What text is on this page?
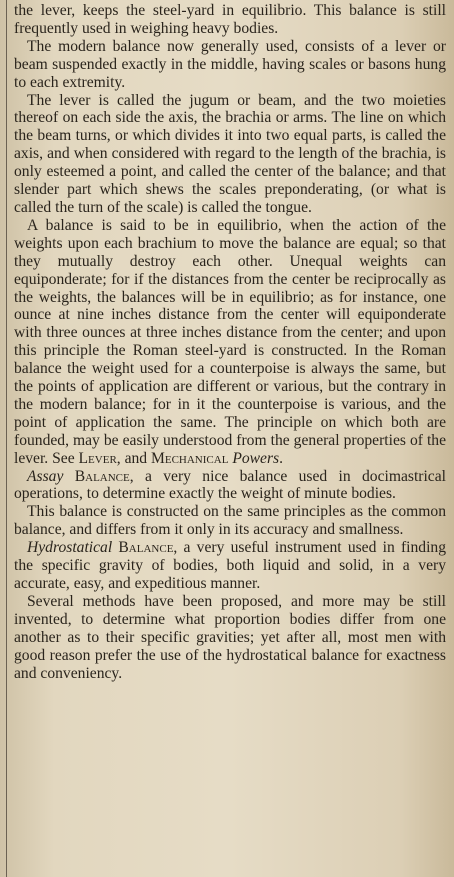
the lever, keeps the steel-yard in equilibrio. This balance is still frequently used in weighing heavy bodies.

The modern balance now generally used, consists of a lever or beam suspended exactly in the middle, having scales or basons hung to each extremity.

The lever is called the jugum or beam, and the two moieties thereof on each side the axis, the brachia or arms. The line on which the beam turns, or which divides it into two equal parts, is called the axis, and when considered with regard to the length of the brachia, is only esteemed a point, and called the center of the balance; and that slender part which shews the scales preponderating, (or what is called the turn of the scale) is called the tongue.

A balance is said to be in equilibrio, when the action of the weights upon each brachium to move the balance are equal; so that they mutually destroy each other. Unequal weights can equiponderate; for if the distances from the center be reciprocally as the weights, the balances will be in equilibrio; as for instance, one ounce at nine inches distance from the center will equiponderate with three ounces at three inches distance from the center; and upon this principle the Roman steel-yard is constructed. In the Roman balance the weight used for a counterpoise is always the same, but the points of application are different or various, but the contrary in the modern balance; for in it the counterpoise is various, and the point of application the same. The principle on which both are founded, may be easily understood from the general properties of the lever. See Lever, and Mechanical Powers.

Assay Balance, a very nice balance used in docimastrical operations, to determine exactly the weight of minute bodies.

This balance is constructed on the same principles as the common balance, and differs from it only in its accuracy and smallness.

Hydrostatical Balance, a very useful instrument used in finding the specific gravity of bodies, both liquid and solid, in a very accurate, easy, and expeditious manner.

Several methods have been proposed, and more may be still invented, to determine what proportion bodies differ from one another as to their specific gravities; yet after all, most men with good reason prefer the use of the hydrostatical balance for exactness and conveniency.
